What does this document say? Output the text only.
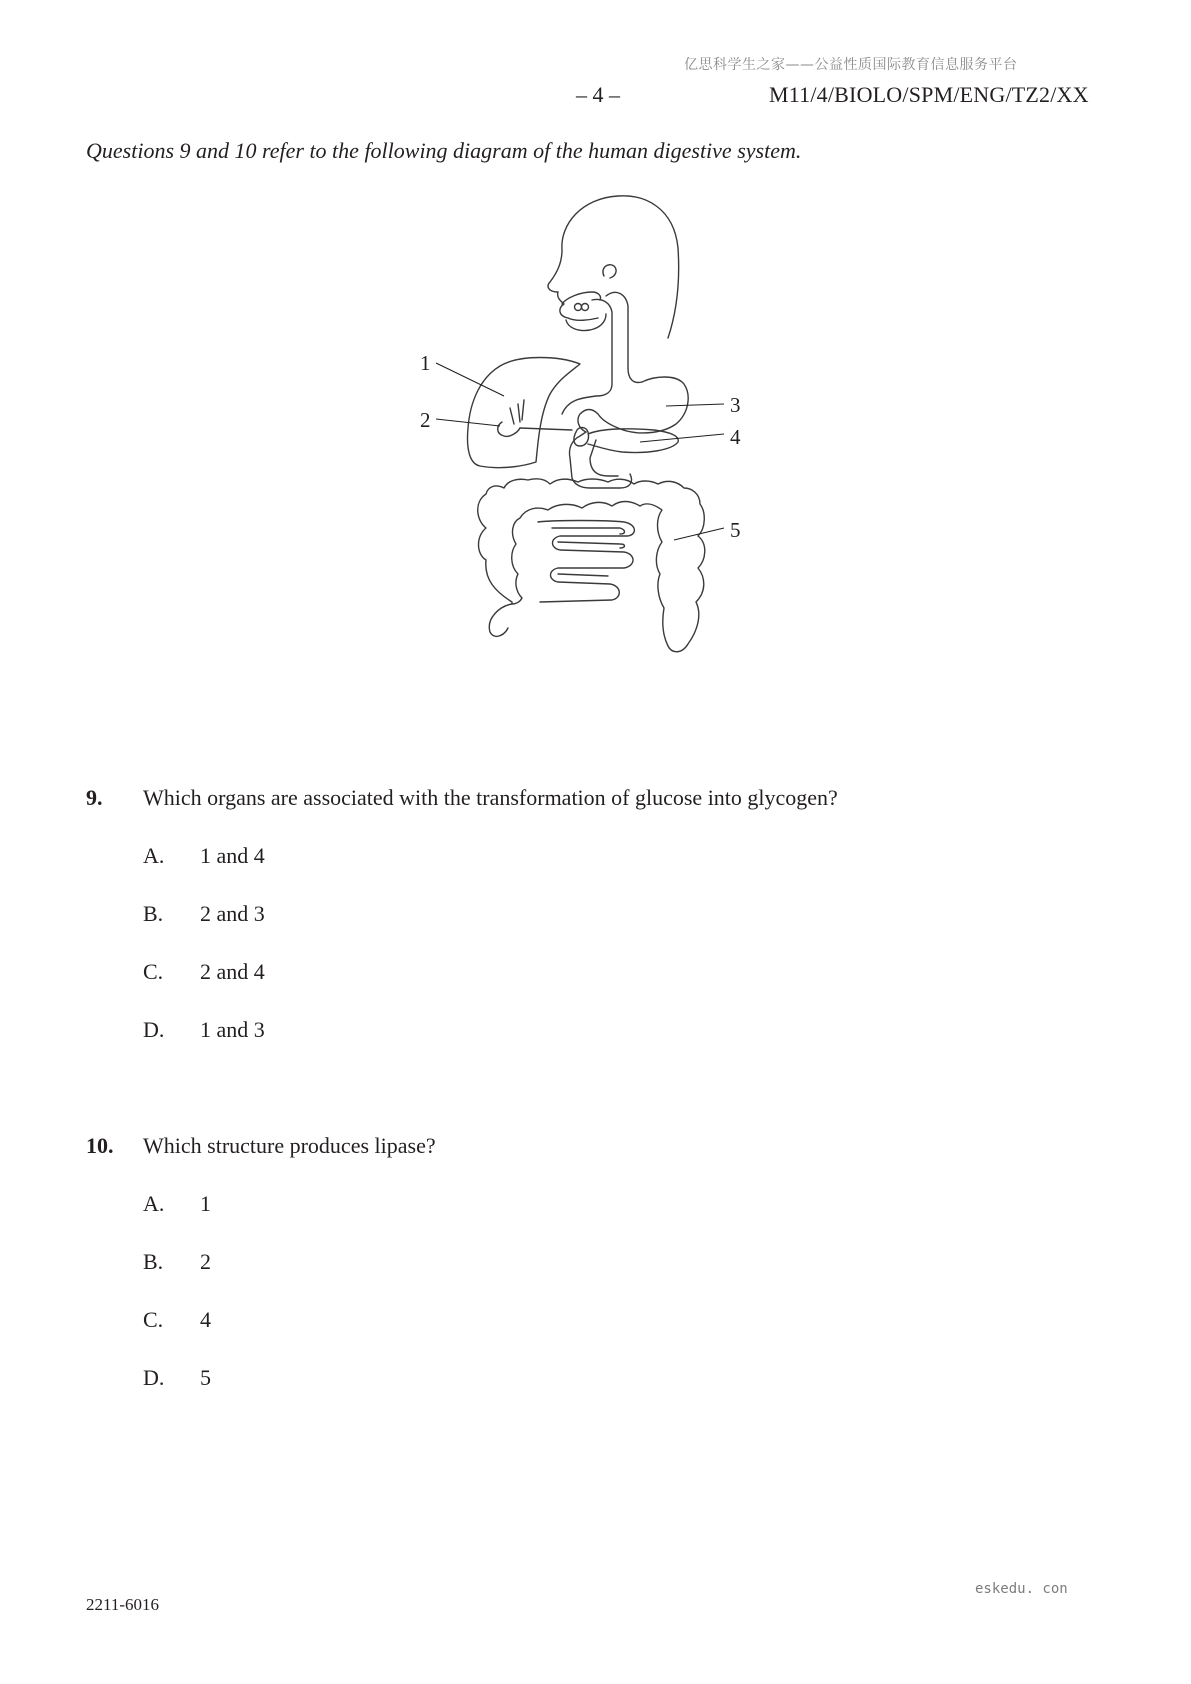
亿思科学生之家——公益性质国际教育信息服务平台
– 4 –	M11/4/BIOLO/SPM/ENG/TZ2/XX
Questions 9 and 10 refer to the following diagram of the human digestive system.
1
2
3
4
5
9. Which organs are associated with the transformation of glucose into glycogen?
A. 1 and 4
B. 2 and 3
C. 2 and 4
D. 1 and 3
10. Which structure produces lipase?
A. 1
B. 2
C. 4
D. 5
eskedu. con
2211-6016
